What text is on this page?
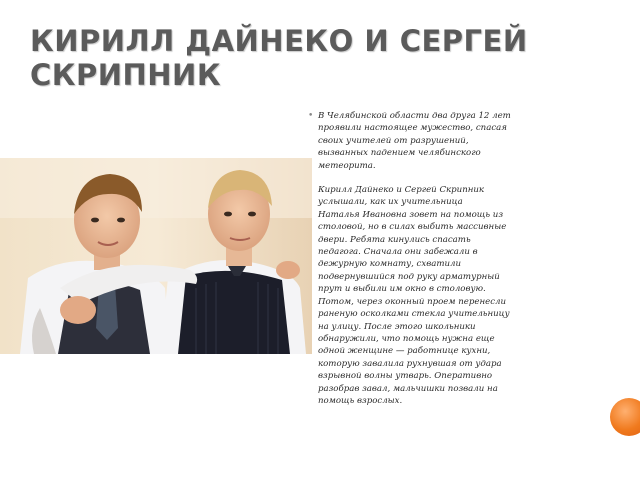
КИРИЛЛ ДАЙНЕКО И СЕРГЕЙ
СКРИПНИК
• В Челябинской области два друга 12 лет
проявили настоящее мужество, спасая
своих учителей от разрушений,
вызванных падением челябинского
метеорита.

Кирилл Дайнеко и Сергей Скрипник
услышали, как их учительница
Наталья Ивановна зовет на помощь из
столовой, но в силах выбить массивные
двери. Ребята кинулись спасать
педагога. Сначала они забежали в
дежурную комнату, схватили
подвернувшийся под руку арматурный
прут и выбили им окно в столовую.
Потом, через оконный проем перенесли
раненую осколками стекла учительницу
на улицу. После этого школьники
обнаружили, что помощь нужна еще
одной женщине — работнице кухни,
которую завалила рухнувшая от удара
взрывной волны утварь. Оперативно
разобрав завал, мальчишки позвали на
помощь взрослых.
